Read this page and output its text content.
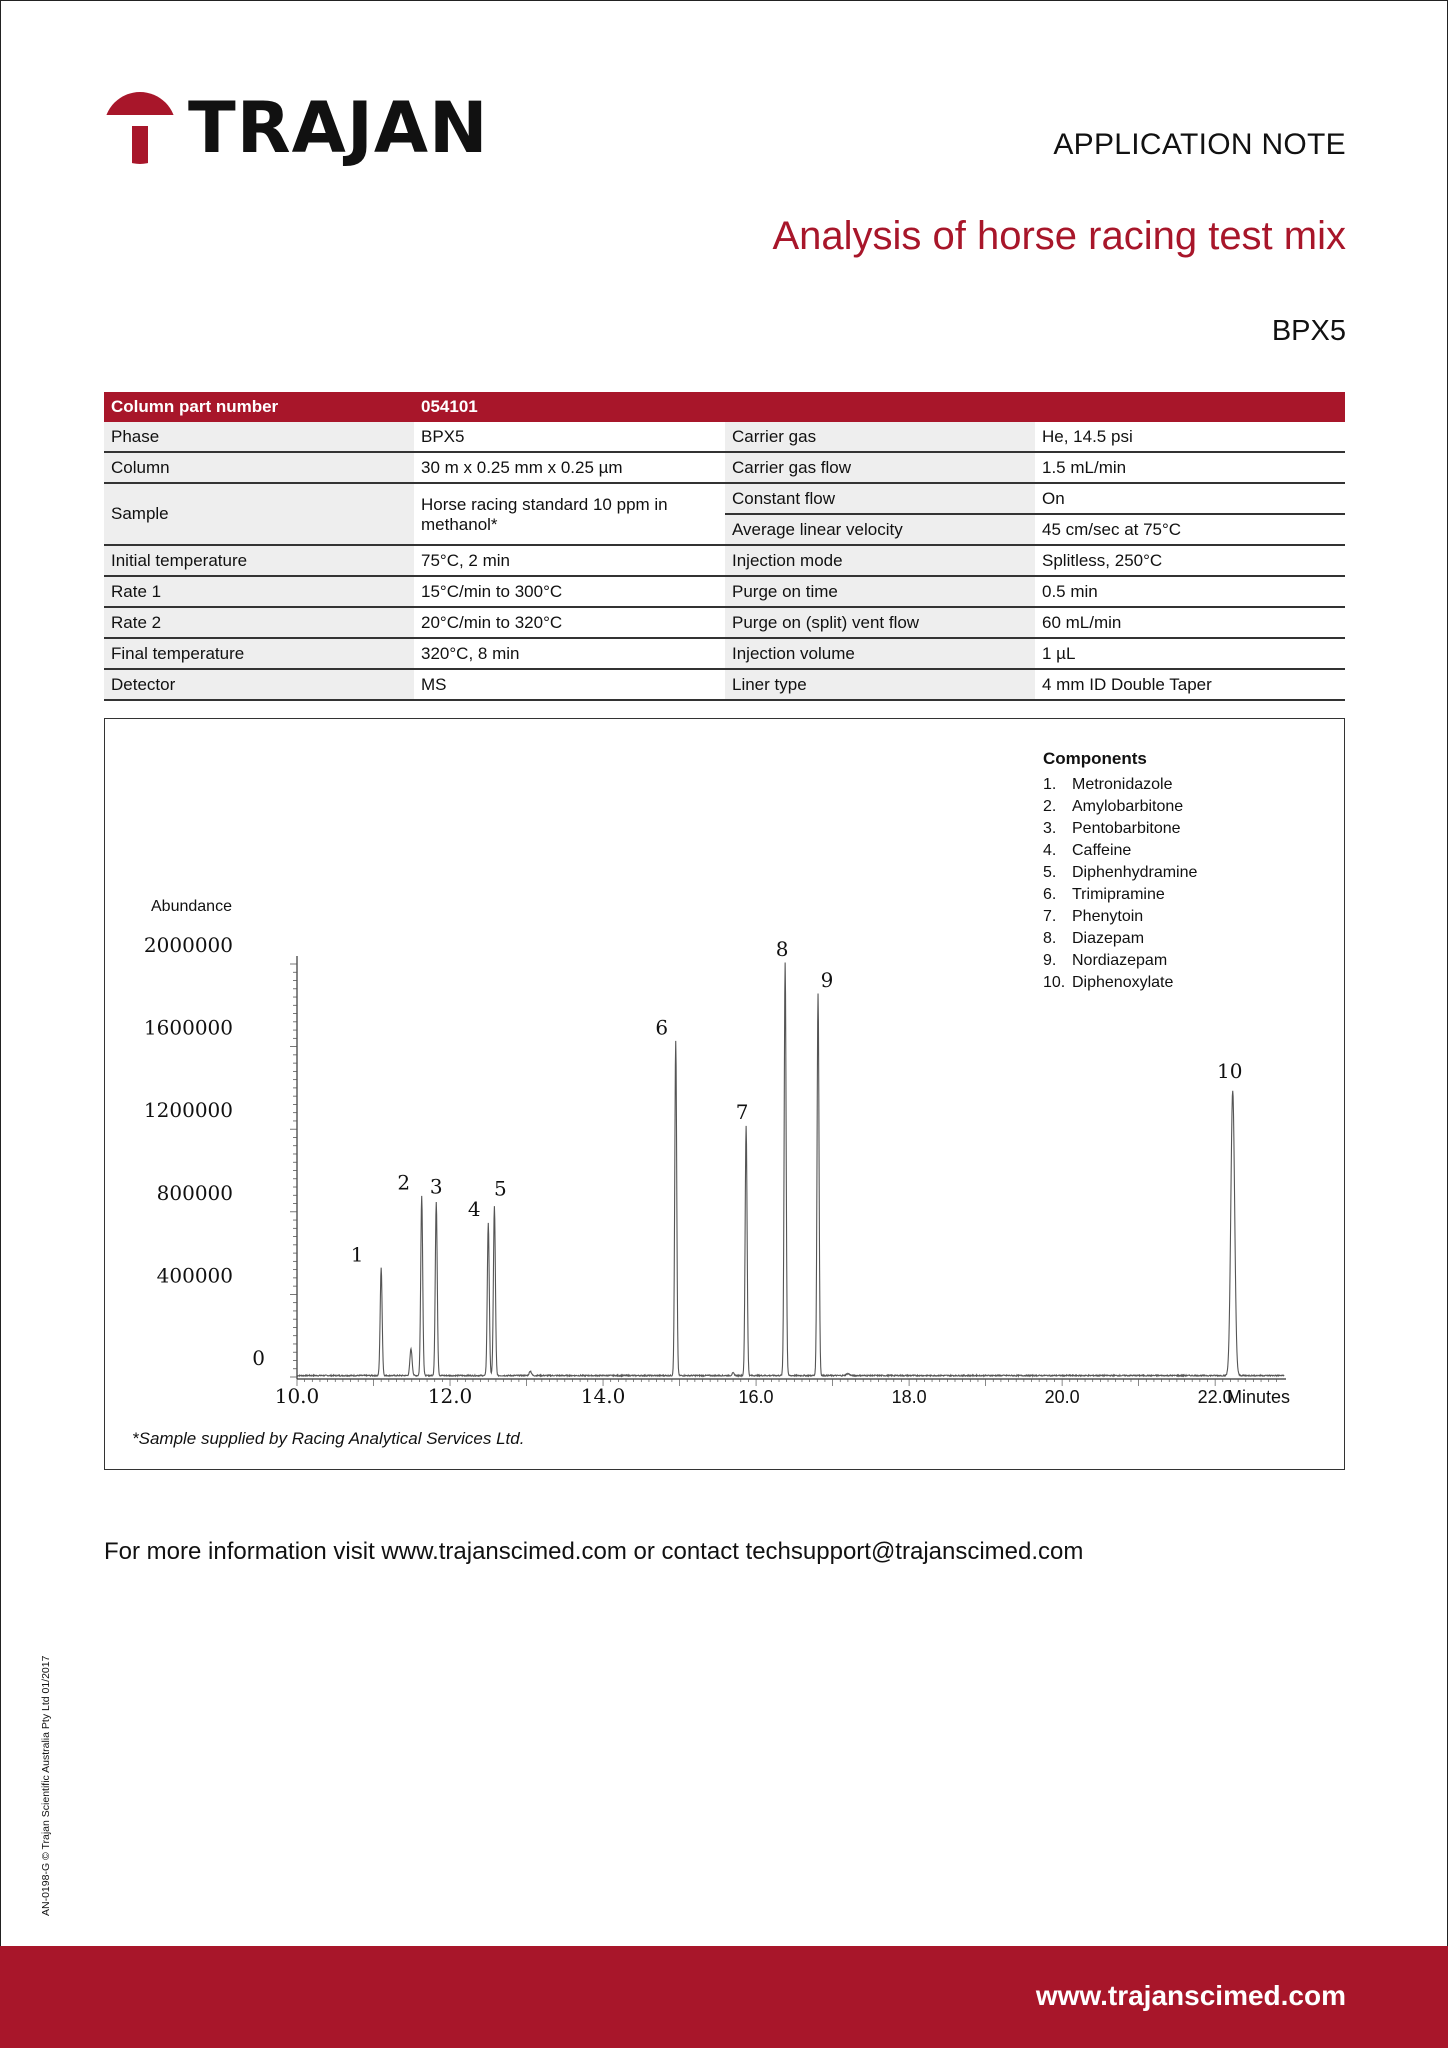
TRAJAN	APPLICATION NOTE
Analysis of horse racing test mix
BPX5
Column part number	054101		
Phase	BPX5	Carrier gas	He, 14.5 psi
Column	30 m x 0.25 mm x 0.25 µm	Carrier gas flow	1.5 mL/min
Sample	Horse racing standard 10 ppm in methanol*	Constant flow	On
		Average linear velocity	45 cm/sec at 75°C
Initial temperature	75°C, 2 min	Injection mode	Splitless, 250°C
Rate 1	15°C/min to 300°C	Purge on time	0.5 min
Rate 2	20°C/min to 320°C	Purge on (split) vent flow	60 mL/min
Final temperature	320°C, 8 min	Injection volume	1 µL
Detector	MS	Liner type	4 mm ID Double Taper
0
400000
800000
1200000
1600000
2000000
10.0	12.0	14.0	16.0	18.0	20.0	22.0
Abundance
Minutes
1
2 3
4
5
6
7
8
9
10
Components
1. Metronidazole
2. Amylobarbitone
3. Pentobarbitone
4. Caffeine
5. Diphenhydramine
6. Trimipramine
7. Phenytoin
8. Diazepam
9. Nordiazepam
10. Diphenoxylate
*Sample supplied by Racing Analytical Services Ltd.
For more information visit www.trajanscimed.com or contact techsupport@trajanscimed.com
AN-0198-G © Trajan Scientific Australia Pty Ltd 01/2017
www.trajanscimed.com
